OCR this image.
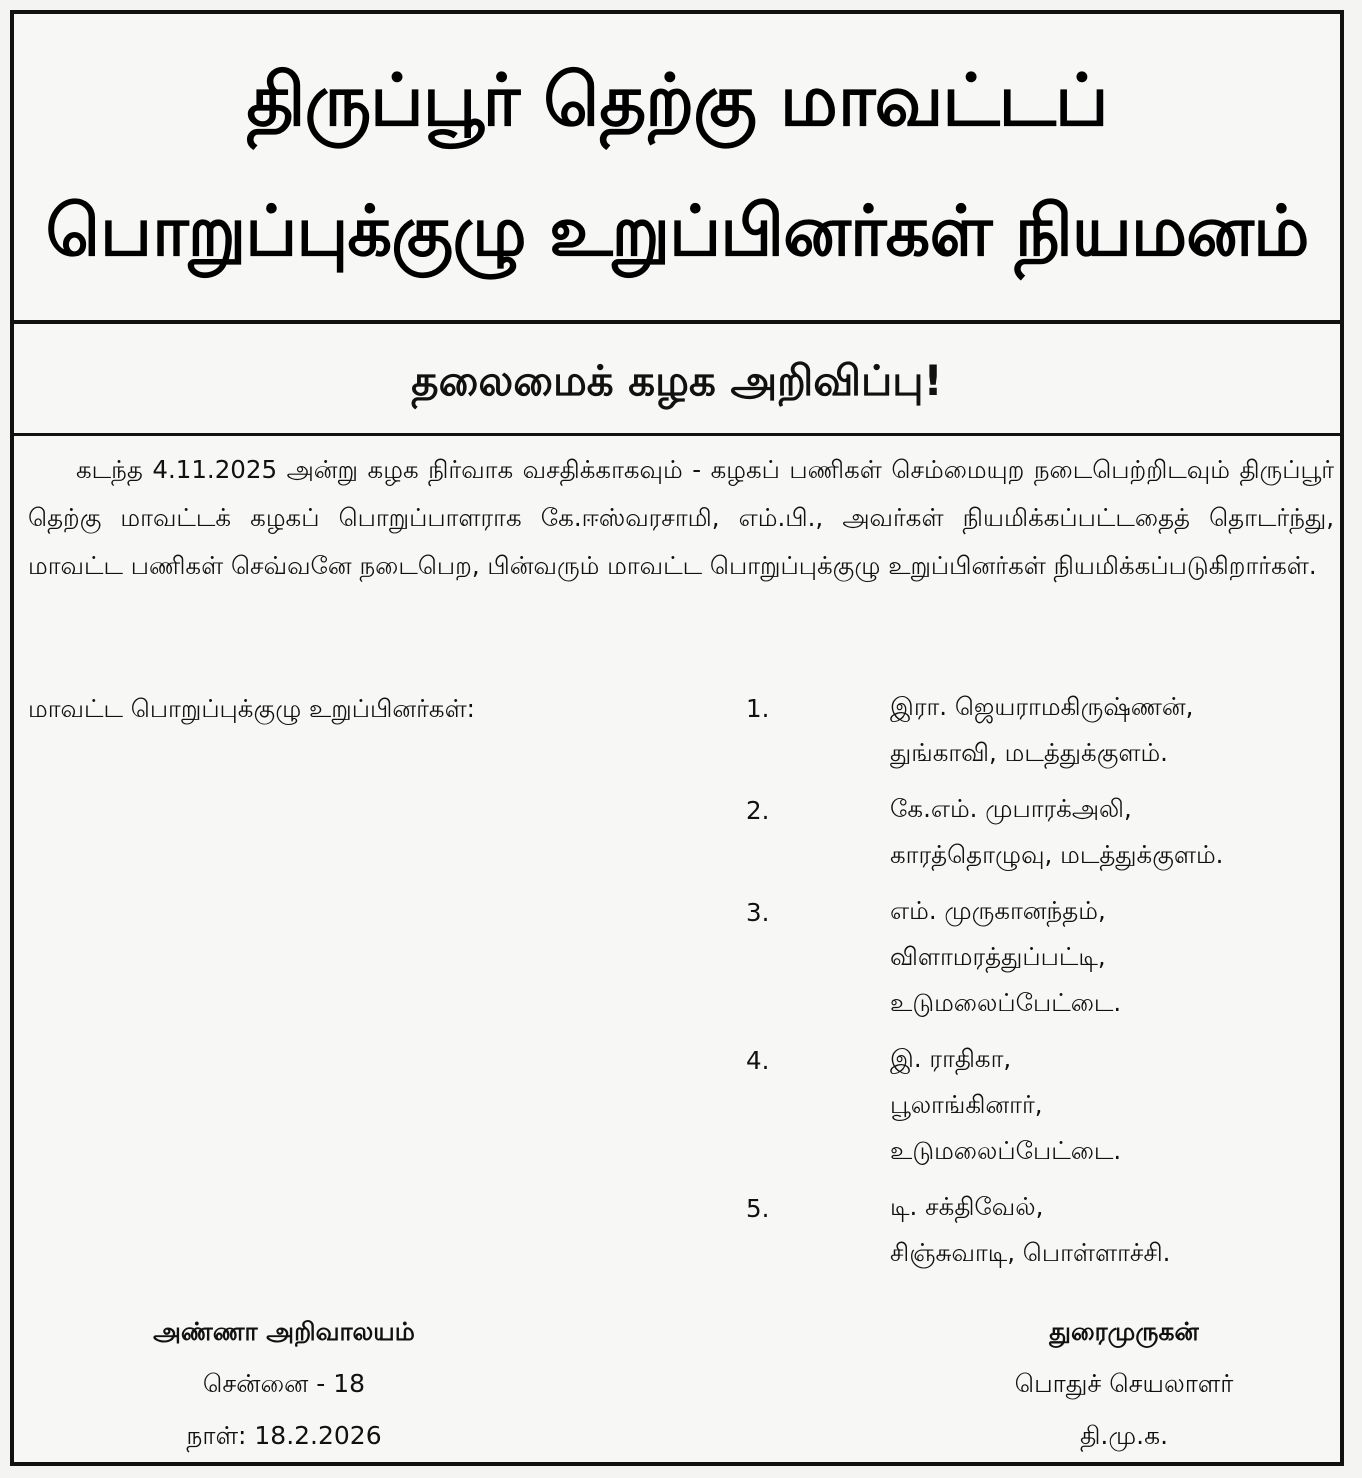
திருப்பூர் தெற்கு மாவட்டப்
பொறுப்புக்குழு உறுப்பினர்கள் நியமனம்
தலைமைக் கழக அறிவிப்பு!
கடந்த 4.11.2025 அன்று கழக நிர்வாக வசதிக்காகவும் - கழகப் பணிகள் செம்மையுற நடைபெற்றிடவும் திருப்பூர் தெற்கு மாவட்டக் கழகப் பொறுப்பாளராக கே.ஈஸ்வரசாமி, எம்.பி., அவர்கள் நியமிக்கப்பட்டதைத் தொடர்ந்து, மாவட்ட பணிகள் செவ்வனே நடைபெற, பின்வரும் மாவட்ட பொறுப்புக்குழு உறுப்பினர்கள் நியமிக்கப்படுகிறார்கள்.
மாவட்ட பொறுப்புக்குழு உறுப்பினர்கள்:	1.	இரா. ஜெயராமகிருஷ்ணன்,
துங்காவி, மடத்துக்குளம்.
2.	கே.எம். முபாரக்அலி,
காரத்தொழுவு, மடத்துக்குளம்.
3.	எம். முருகானந்தம்,
விளாமரத்துப்பட்டி,
உடுமலைப்பேட்டை.
4.	இ. ராதிகா,
பூலாங்கினார்,
உடுமலைப்பேட்டை.
5.	டி. சக்திவேல்,
சிஞ்சுவாடி, பொள்ளாச்சி.
அண்ணா அறிவாலயம்
சென்னை - 18
நாள்: 18.2.2026
துரைமுருகன்
பொதுச் செயலாளர்
தி.மு.க.
